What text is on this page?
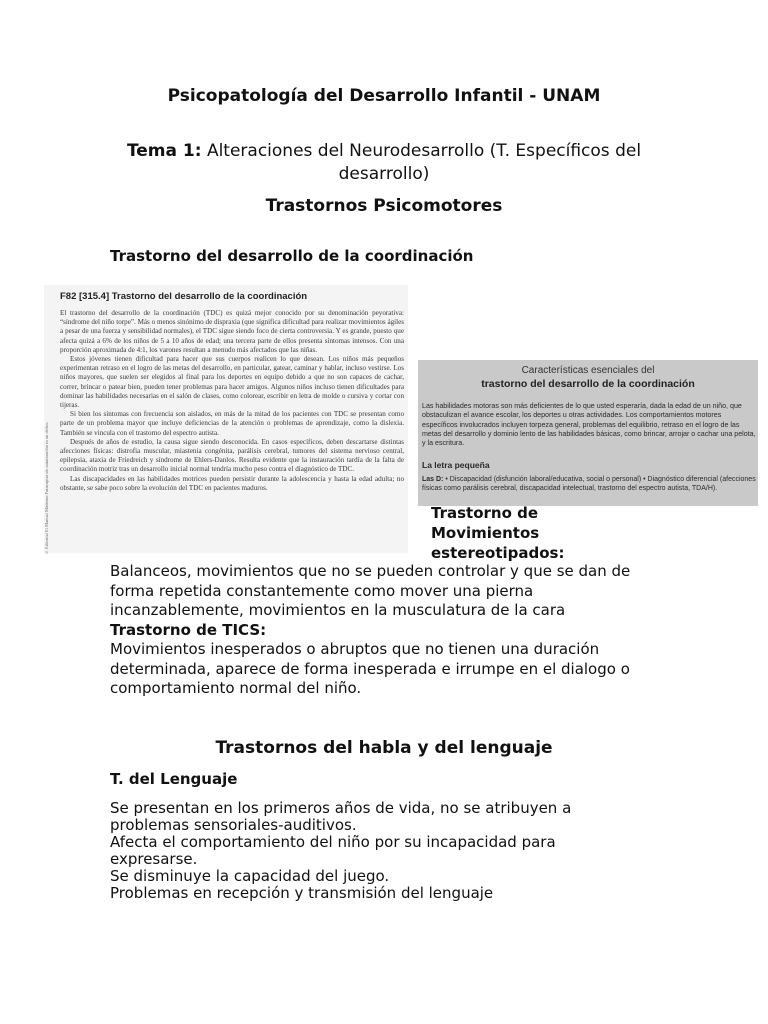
Psicopatología del Desarrollo Infantil - UNAM
Tema 1: Alteraciones del Neurodesarrollo (T. Específicos del desarrollo)
Trastornos Psicomotores
Trastorno del desarrollo de la coordinación
© Editorial El Manual Moderno Fotocopiar sin autorización es un delito.
F82 [315.4] Trastorno del desarrollo de la coordinación

El trastorno del desarrollo de la coordinación (TDC) es quizá mejor conocido por su denominación peyorativa: “síndrome del niño torpe”. Más o menos sinónimo de dispraxia (que significa dificultad para realizar movimientos ágiles a pesar de una fuerza y sensibilidad normales), el TDC sigue siendo foco de cierta controversia. Y es grande, puesto que afecta quizá a 6% de los niños de 5 a 10 años de edad; una tercera parte de ellos presenta síntomas intensos. Con una proporción aproximada de 4:1, los varones resultan a menudo más afectados que las niñas.

Estos jóvenes tienen dificultad para hacer que sus cuerpos realicen lo que desean. Los niños más pequeños experimentan retraso en el logro de las metas del desarrollo, en particular, gatear, caminar y hablar, incluso vestirse. Los niños mayores, que suelen ser elegidos al final para los deportes en equipo debido a que no son capaces de cachar, correr, brincar o patear bien, pueden tener problemas para hacer amigos. Algunos niños incluso tienen dificultades para dominar las habilidades necesarias en el salón de clases, como colorear, escribir en letra de molde o cursiva y cortar con tijeras.

Si bien los síntomas con frecuencia son aislados, en más de la mitad de los pacientes con TDC se presentan como parte de un problema mayor que incluye deficiencias de la atención o problemas de aprendizaje, como la dislexia. También se vincula con el trastorno del espectro autista.

Después de años de estudio, la causa sigue siendo desconocida. En casos específicos, deben descartarse distintas afecciones físicas: distrofia muscular, miastenia congénita, parálisis cerebral, tumores del sistema nervioso central, epilepsia, ataxia de Friedreich y síndrome de Ehlers-Danlos. Resulta evidente que la instauración tardía de la falta de coordinación motriz tras un desarrollo inicial normal tendría mucho peso contra el diagnóstico de TDC.

Las discapacidades en las habilidades motrices pueden persistir durante la adolescencia y hasta la edad adulta; no obstante, se sabe poco sobre la evolución del TDC en pacientes maduros.

Características esenciales del
trastorno del desarrollo de la coordinación
Las habilidades motoras son más deficientes de lo que usted esperaría, dada la edad de un niño, que obstaculizan el avance escolar, los deportes u otras actividades. Los comportamientos motores específicos involucrados incluyen torpeza general, problemas del equilibrio, retraso en el logro de las metas del desarrollo y dominio lento de las habilidades básicas, como brincar, arrojar o cachar una pelota, y la escritura.
La letra pequeña
Las D: • Discapacidad (disfunción laboral/educativa, social o personal) • Diagnóstico diferencial (afecciones físicas como parálisis cerebral, discapacidad intelectual, trastorno del espectro autista, TDA/H).
Trastorno de Movimientos estereotipados:

Balanceos, movimientos que no se pueden controlar y que se dan de forma repetida constantemente como mover una pierna incanzablemente, movimientos en la musculatura de la cara

Trastorno de TICS:

Movimientos inesperados o abruptos que no tienen una duración determinada, aparece de forma inesperada e irrumpe en el dialogo o comportamiento normal del niño.

Trastornos del habla y del lenguaje
T. del Lenguaje
Se presentan en los primeros años de vida, no se atribuyen a problemas sensoriales-auditivos.
Afecta el comportamiento del niño por su incapacidad para expresarse.
Se disminuye la capacidad del juego.
Problemas en recepción y transmisión del lenguaje
